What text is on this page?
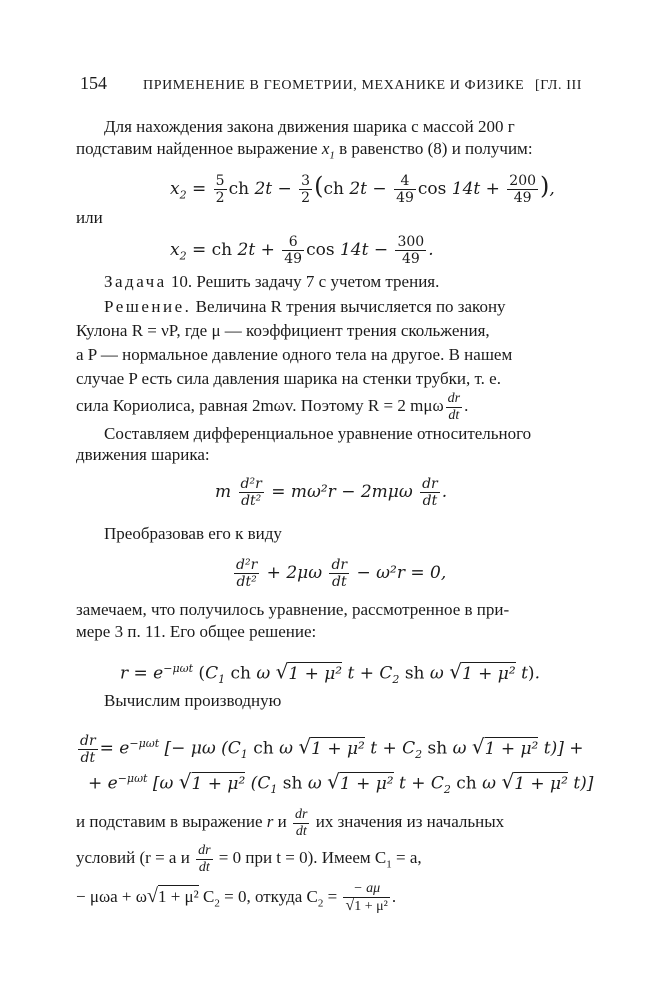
154	ПРИМЕНЕНИЕ В ГЕОМЕТРИИ, МЕХАНИКЕ И ФИЗИКЕ [ГЛ. III
Для нахождения закона движения шарика с массой 200 г
подставим найденное выражение $x_1$ в равенство (8) и получим:
$x_2 = \frac{5}{2}$ ch $2t - \frac{3}{2} (ch$ $2t - \frac{4}{49}$ $\cos 14t + \frac{200}{49}$ ),
или
$x_2$ = ch $2t + \frac{6}{49}$ $\cos 14t - \frac{300}{49}$ .
Задача 10. Решить задачу 7 с учетом трения.
Решение. Величина R трения вычисляется по закону
Кулона R = νP, где μ — коэффициент трения скольжения,
а P — нормальное давление одного тела на другое. В нашем
случае P есть сила давления шарика на стенки трубки, т. е.
сила Кориолиса, равная 2mωv. Поэтому R = 2 mμω $\frac{dr}{dt}$ .
Составляем дифференциальное уравнение относительного
движения шарика:
m $\frac{\text{d²r}}{\text{dt²}} = m\omega^2r - 2m\mu\omega \frac{dr}{dt}$ .
Преобразовав его к виду
$\frac{\text{d²r}}{\text{dt²}} + 2\mu\omega \frac{dr}{dt} - \omega^2r = 0$,
замечаем, что получилось уравнение, рассмотренное в при-
мере 3 п. 11. Его общее решение:
$r = e^{-\mu\omega t}$ ($C_1$ ch ω √1 + μ² $t + C_2$ sh ω √1 + μ² t).
Вычислим производную
$\frac{dr}{dt} = e^{-\mu\omega t}$ [− μω ($C_1$ ch ω √1 + μ² $t + C_2$ sh ω √1 + μ² t)] +
+ $e^{-\mu\omega t}$ [ω √1 + μ² ($C_1$ sh ω √1 + μ² $t + C_2$ ch ω √1 + μ² t)]
и подставим в выражение r и $\frac{dr}{dt}$ их значения из начальных
условий (r = a и $\frac{dr}{dt} = 0$ при t = 0). Имеем $C_1 = a$,
− μωa + ω√1 + μ² $C_2 = 0$, откуда $C_2 = \frac{- a\mu}{\text{√1 + μ²}}$ .
